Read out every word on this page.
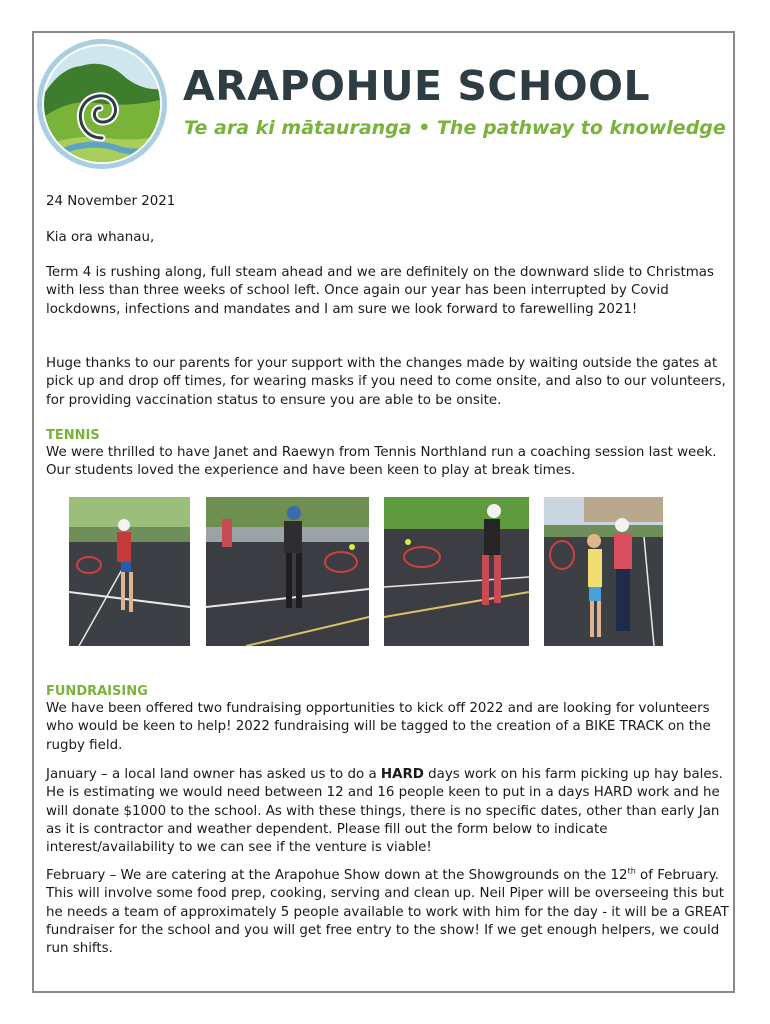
ARAPOHUE SCHOOL
Te ara ki mātauranga • The pathway to knowledge
24 November 2021
Kia ora whanau,
Term 4 is rushing along, full steam ahead and we are definitely on the downward slide to Christmas with less than three weeks of school left. Once again our year has been interrupted by Covid lockdowns, infections and mandates and I am sure we look forward to farewelling 2021!
Huge thanks to our parents for your support with the changes made by waiting outside the gates at pick up and drop off times, for wearing masks if you need to come onsite, and also to our volunteers, for providing vaccination status to ensure you are able to be onsite.
TENNIS
We were thrilled to have Janet and Raewyn from Tennis Northland run a coaching session last week. Our students loved the experience and have been keen to play at break times.
FUNDRAISING
We have been offered two fundraising opportunities to kick off 2022 and are looking for volunteers who would be keen to help! 2022 fundraising will be tagged to the creation of a BIKE TRACK on the rugby field.
January – a local land owner has asked us to do a HARD days work on his farm picking up hay bales. He is estimating we would need between 12 and 16 people keen to put in a days HARD work and he will donate $1000 to the school. As with these things, there is no specific dates, other than early Jan as it is contractor and weather dependent. Please fill out the form below to indicate interest/availability to we can see if the venture is viable!
February – We are catering at the Arapohue Show down at the Showgrounds on the 12th of February. This will involve some food prep, cooking, serving and clean up. Neil Piper will be overseeing this but he needs a team of approximately 5 people available to work with him for the day - it will be a GREAT fundraiser for the school and you will get free entry to the show! If we get enough helpers, we could run shifts.
